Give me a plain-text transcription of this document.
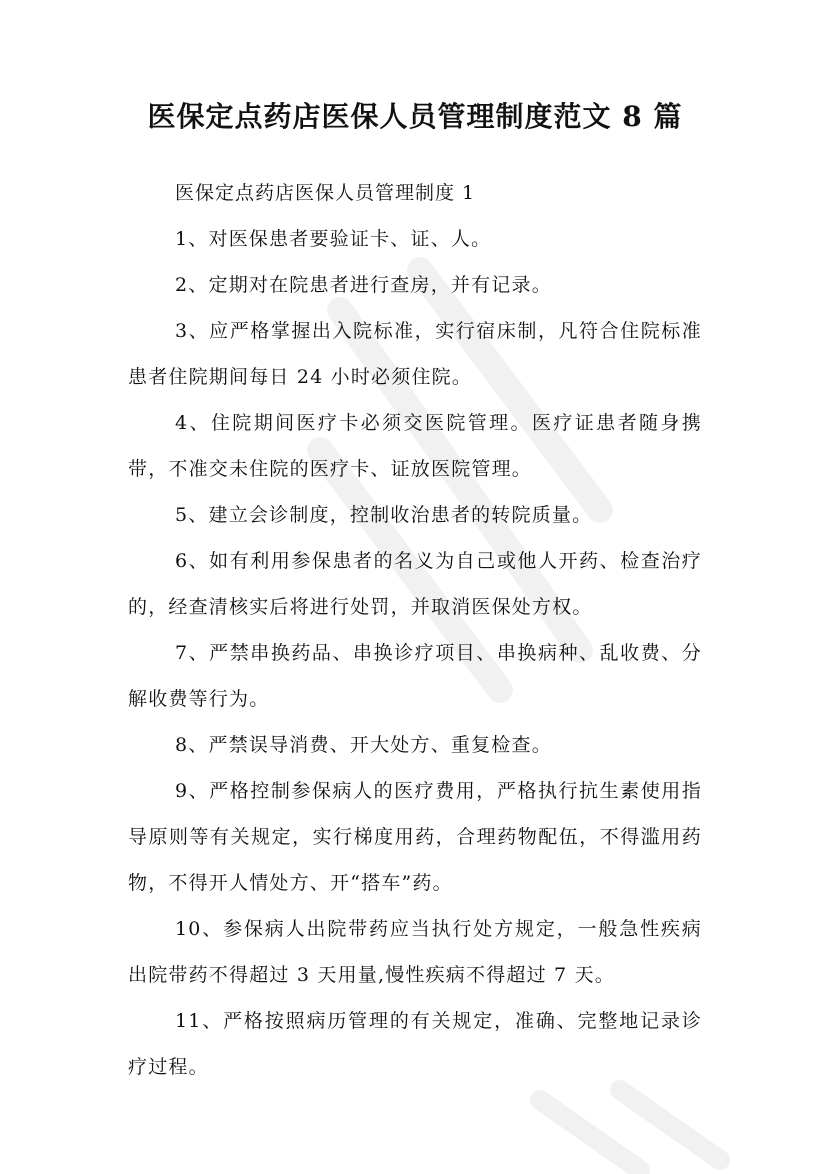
医保定点药店医保人员管理制度范文 8 篇

医保定点药店医保人员管理制度 1

1、对医保患者要验证卡、证、人。

2、定期对在院患者进行查房，并有记录。

3、应严格掌握出入院标准，实行宿床制，凡符合住院标准患者住院期间每日 24 小时必须住院。

4、住院期间医疗卡必须交医院管理。医疗证患者随身携带，不准交未住院的医疗卡、证放医院管理。

5、建立会诊制度，控制收治患者的转院质量。

6、如有利用参保患者的名义为自己或他人开药、检查治疗的，经查清核实后将进行处罚，并取消医保处方权。

7、严禁串换药品、串换诊疗项目、串换病种、乱收费、分解收费等行为。

8、严禁误导消费、开大处方、重复检查。

9、严格控制参保病人的医疗费用，严格执行抗生素使用指导原则等有关规定，实行梯度用药，合理药物配伍，不得滥用药物，不得开人情处方、开“搭车”药。

10、参保病人出院带药应当执行处方规定，一般急性疾病出院带药不得超过 3 天用量,慢性疾病不得超过 7 天。

11、严格按照病历管理的有关规定，准确、完整地记录诊疗过程。
